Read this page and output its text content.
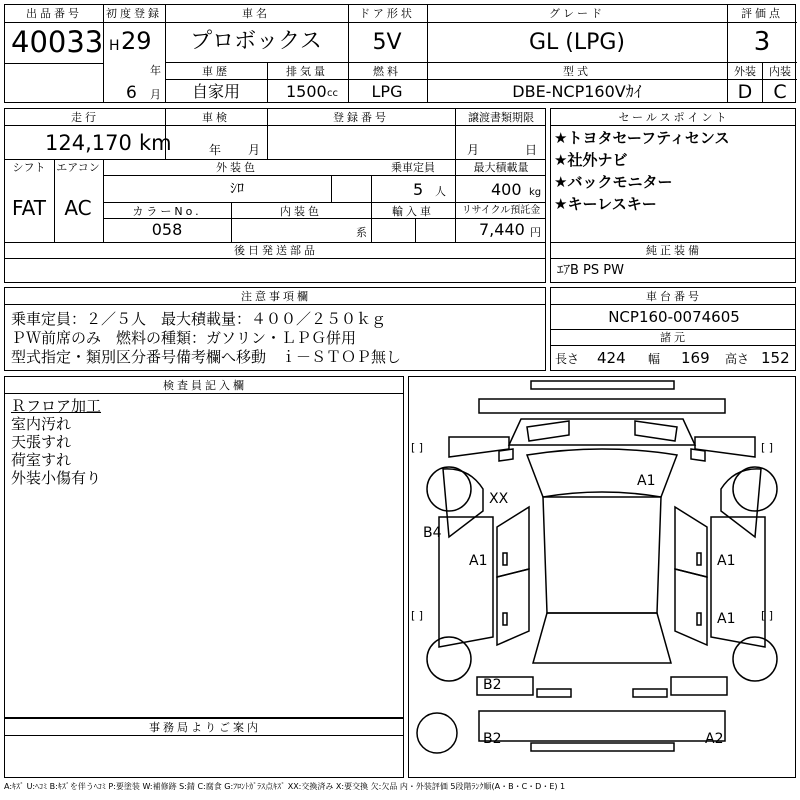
出品番号
40033
初度登録
H 29
年
6 月
車名
プロボックス
ドア形状
5V
グレード
GL (LPG)
評価点
3
車歴
自家用
排気量
1500 cc
燃料
LPG
型式
DBE-NCP160Vｶｲ
外装 内装
D C
走行
124,170 km
車検
年 月
登録番号	譲渡書類期限
月	日
シフト
FAT
エアコン
AC
外装色
ｼﾛ
乗車定員
5 人
最大積載量
400 kg
カラーNo.
058
内装色
系
輸入車	リサイクル預託金
7,440 円
後日発送部品
セールスポイント
★トヨタセーフティセンス
★社外ナビ
★バックモニター
★キーレスキー
純正装備
ｴｱB PS PW
注意事項欄
乗車定員：２／５人　最大積載量：４００／２５０ｋｇ
ＰＷ前席のみ　燃料の種類：ガソリン・ＬＰＧ併用
型式指定・類別区分番号備考欄へ移動　ｉ－ＳＴＯＰ無し
車台番号
NCP160-0074605
諸元
長さ 424 幅 169 高さ 152
検査員記入欄
Ｒフロア加工
室内汚れ
天張すれ
荷室すれ
外装小傷有り
事務局よりご案内
[ ]	[ ]
[ ]	[ ]
A1
XX
B4
A1	A1
A1
B2
B2	A2
A:ｷｽﾞ U:ﾍｺﾐ B:ｷｽﾞを伴うﾍｺﾐ P:要塗装 W:補修跡 S:錆 C:腐食 G:ﾌﾛﾝﾄｶﾞﾗｽ点ｷｽﾞ XX:交換済み X:要交換 欠:欠品 内・外装評価 5段階ﾗﾝｸ順(A・B・C・D・E) 1
